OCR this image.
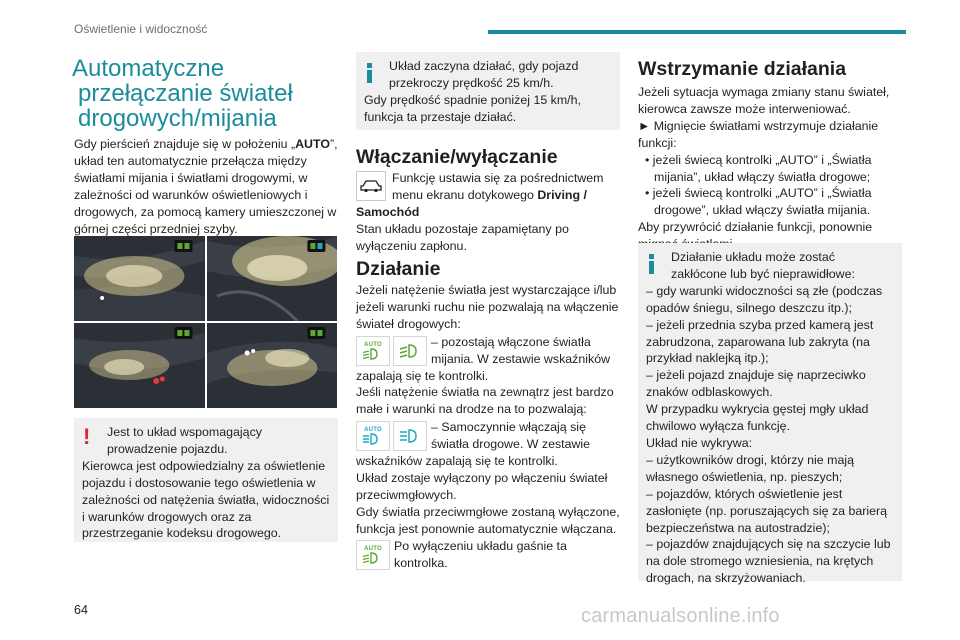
Oświetlenie i widoczność
Automatyczne
przełączanie świateł
drogowych/mijania

Gdy pierścień znajduje się w położeniu „AUTO”, układ ten automatycznie przełącza między światłami mijania i światłami drogowymi, w zależności od warunków oświetleniowych i drogowych, za pomocą kamery umieszczonej w górnej części przedniej szyby.

!	Jest to układ wspomagający prowadzenie pojazdu.

Kierowca jest odpowiedzialny za oświetlenie pojazdu i dostosowanie tego oświetlenia w zależności od natężenia światła, widoczności i warunków drogowych oraz za przestrzeganie kodeksu drogowego.

Układ zaczyna działać, gdy pojazd przekroczy prędkość 25 km/h.

Gdy prędkość spadnie poniżej 15 km/h, funkcja ta przestaje działać.

Włączanie/wyłączanie

Funkcję ustawia się za pośrednictwem menu ekranu dotykowego Driving / Samochód

Stan układu pozostaje zapamiętany po wyłączeniu zapłonu.

Działanie

Jeżeli natężenie światła jest wystarczające i/lub jeżeli warunki ruchu nie pozwalają na włączenie świateł drogowych:

AUTO	– pozostają włączone światła mijania. W zestawie wskaźników zapalają się te kontrolki.

Jeśli natężenie światła na zewnątrz jest bardzo małe i warunki na drodze na to pozwalają:

AUTO	– Samoczynnie włączają się światła drogowe. W zestawie wskaźników zapalają się te kontrolki.

Układ zostaje wyłączony po włączeniu świateł przeciwmgłowych.

Gdy światła przeciwmgłowe zostaną wyłączone, funkcja jest ponownie automatycznie włączana.

AUTO Po wyłączeniu układu gaśnie ta kontrolka.

Wstrzymanie działania

Jeżeli sytuacja wymaga zmiany stanu świateł, kierowca zawsze może interweniować.

► Mignięcie światłami wstrzymuje działanie funkcji:

• jeżeli świecą kontrolki „AUTO” i „Światła mijania”, układ włączy światła drogowe;

• jeżeli świecą kontrolki „AUTO” i „Światła drogowe”, układ włączy światła mijania.

Aby przywrócić działanie funkcji, ponownie

Działanie układu może zostać zakłócone lub być nieprawidłowe:

– gdy warunki widoczności są złe (podczas opadów śniegu, silnego deszczu itp.);

– jeżeli przednia szyba przed kamerą jest zabrudzona, zaparowana lub zakryta (na przykład naklejką itp.);

– jeżeli pojazd znajduje się naprzeciwko znaków odblaskowych.

W przypadku wykrycia gęstej mgły układ chwilowo wyłącza funkcję.

Układ nie wykrywa:

– użytkowników drogi, którzy nie mają własnego oświetlenia, np. pieszych;

– pojazdów, których oświetlenie jest zasłonięte (np. poruszających się za barierą bezpieczeństwa na autostradzie);

– pojazdów znajdujących się na szczycie lub na dole stromego wzniesienia, na krętych drogach, na skrzyżowaniach.

64	carmanualsonline.info
